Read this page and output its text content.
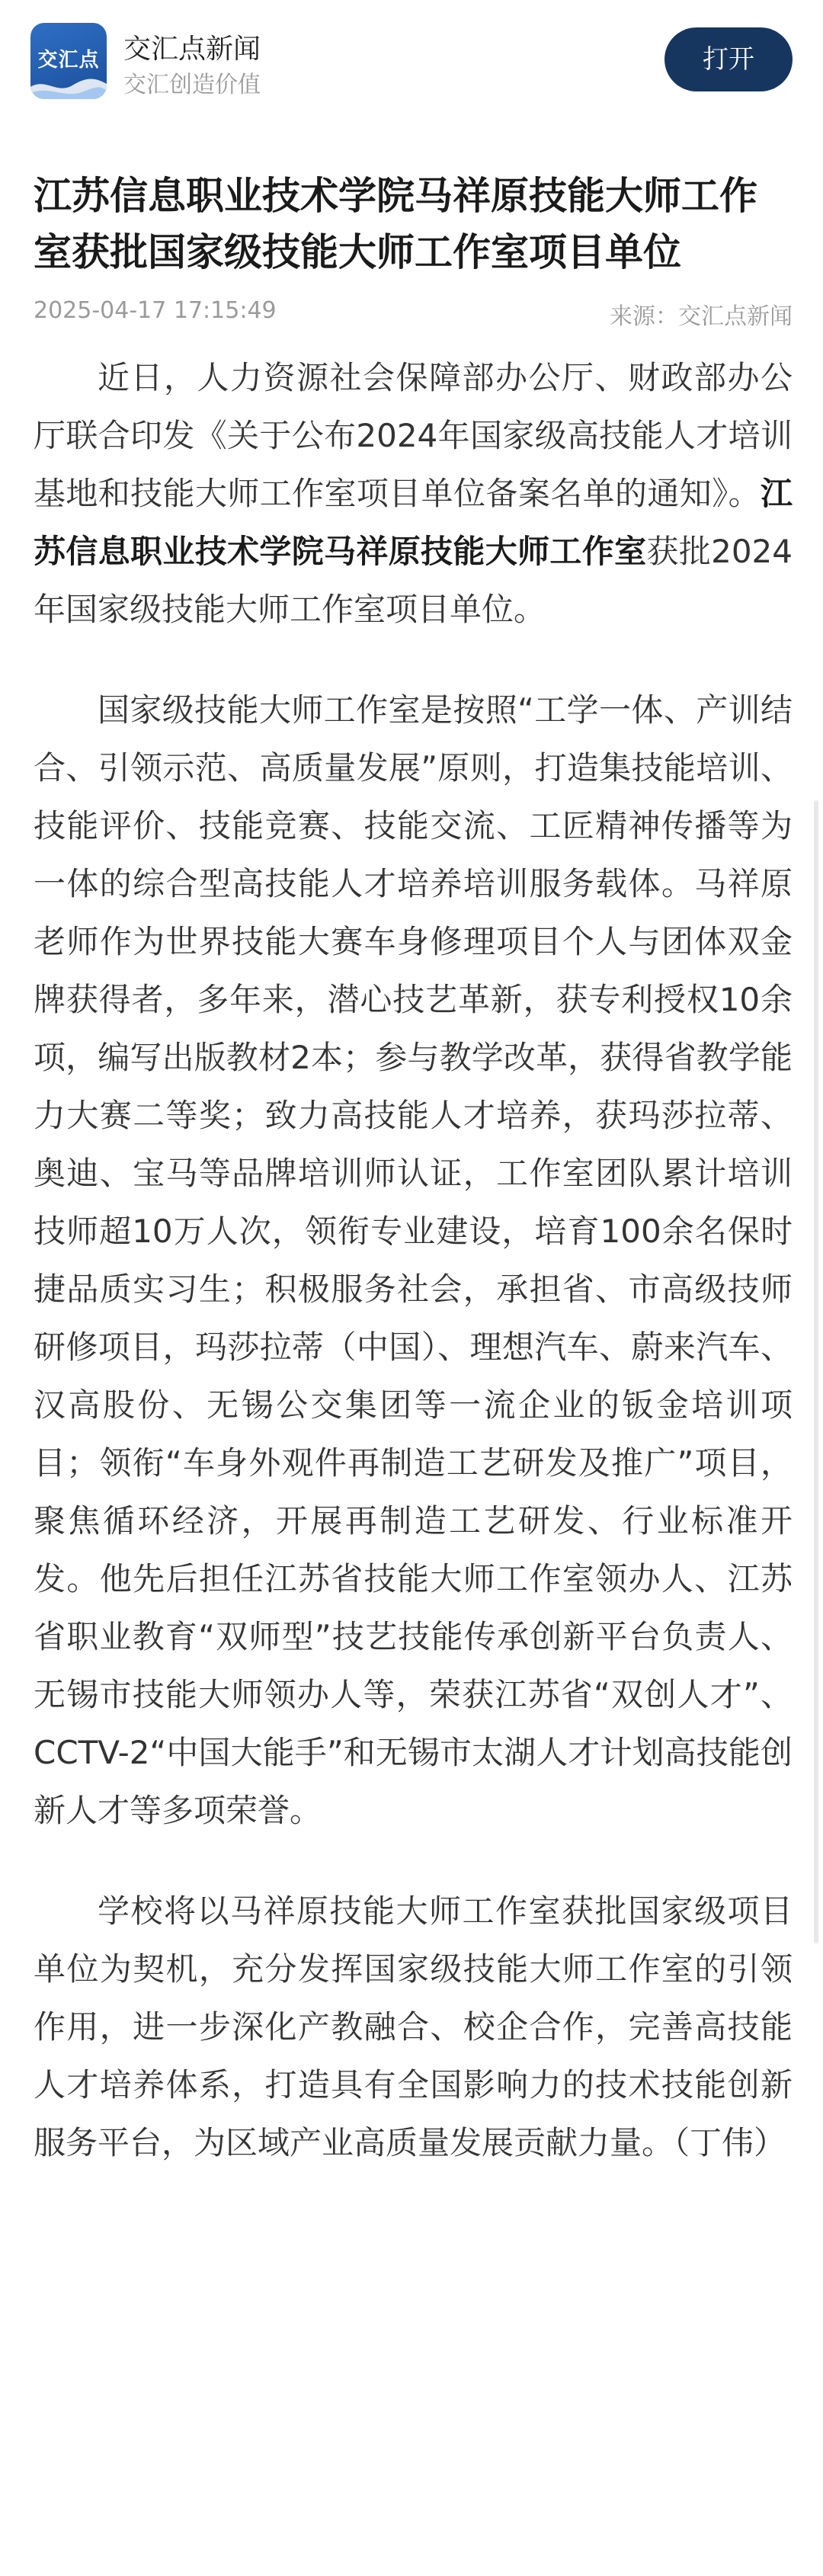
交汇点 交汇点新闻
交汇创造价值
打开
江苏信息职业技术学院马祥原技能大师工作室获批国家级技能大师工作室项目单位
2025-04-17 17:15:49	来源：交汇点新闻

近日，人力资源社会保障部办公厅、财政部办公厅联合印发《关于公布2024年国家级高技能人才培训基地和技能大师工作室项目单位备案名单的通知》。江苏信息职业技术学院马祥原技能大师工作室获批2024年国家级技能大师工作室项目单位。

国家级技能大师工作室是按照“工学一体、产训结合、引领示范、高质量发展”原则，打造集技能培训、技能评价、技能竞赛、技能交流、工匠精神传播等为一体的综合型高技能人才培养培训服务载体。马祥原老师作为世界技能大赛车身修理项目个人与团体双金牌获得者，多年来，潜心技艺革新，获专利授权10余项，编写出版教材2本；参与教学改革，获得省教学能力大赛二等奖；致力高技能人才培养，获玛莎拉蒂、奥迪、宝马等品牌培训师认证，工作室团队累计培训技师超10万人次，领衔专业建设，培育100余名保时捷品质实习生；积极服务社会，承担省、市高级技师研修项目，玛莎拉蒂（中国）、理想汽车、蔚来汽车、汉高股份、无锡公交集团等一流企业的钣金培训项目；领衔“车身外观件再制造工艺研发及推广”项目，聚焦循环经济，开展再制造工艺研发、行业标准开发。他先后担任江苏省技能大师工作室领办人、江苏省职业教育“双师型”技艺技能传承创新平台负责人、无锡市技能大师领办人等，荣获江苏省“双创人才”、CCTV-2“中国大能手”和无锡市太湖人才计划高技能创新人才等多项荣誉。

学校将以马祥原技能大师工作室获批国家级项目单位为契机，充分发挥国家级技能大师工作室的引领作用，进一步深化产教融合、校企合作，完善高技能人才培养体系，打造具有全国影响力的技术技能创新服务平台，为区域产业高质量发展贡献力量。（丁伟）
